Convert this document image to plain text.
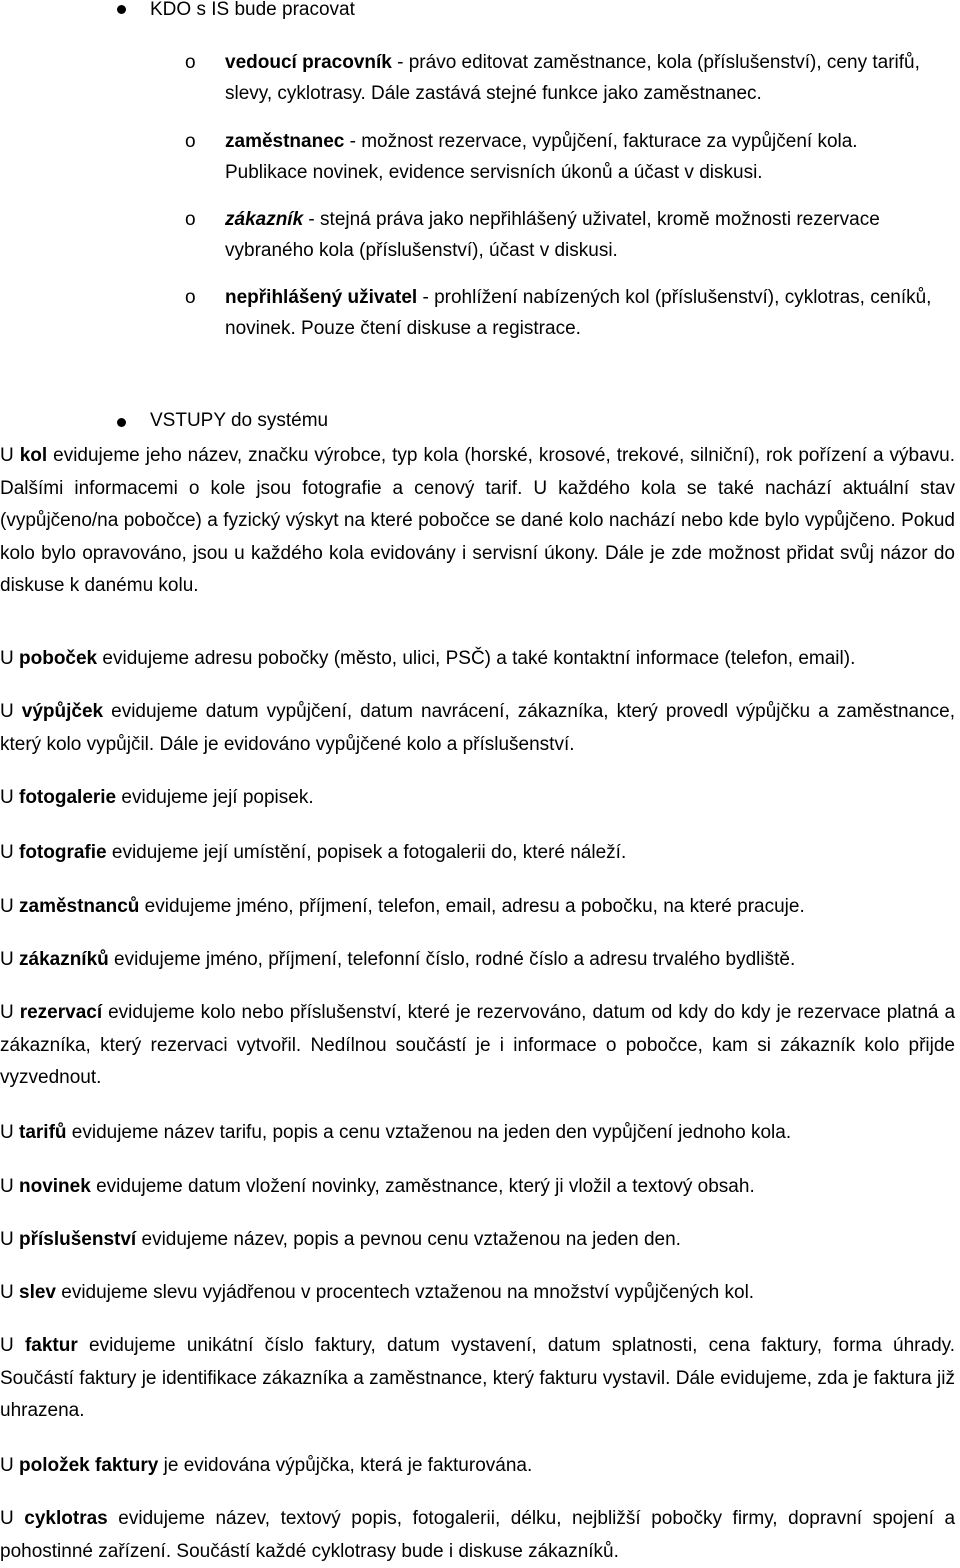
KDO s IS bude pracovat
o vedoucí pracovník - právo editovat zaměstnance, kola (příslušenství), ceny tarifů, slevy, cyklotrasy. Dále zastává stejné funkce jako zaměstnanec.
o zaměstnanec - možnost rezervace, vypůjčení, fakturace za vypůjčení kola. Publikace novinek, evidence servisních úkonů a účast v diskusi.
o zákazník - stejná práva jako nepřihlášený uživatel, kromě možnosti rezervace vybraného kola (příslušenství), účast v diskusi.
o nepřihlášený uživatel - prohlížení nabízených kol (příslušenství), cyklotras, ceníků, novinek. Pouze čtení diskuse a registrace.
VSTUPY do systému

U kol evidujeme jeho název, značku výrobce, typ kola (horské, krosové, trekové, silniční), rok pořízení a výbavu. Dalšími informacemi o kole jsou fotografie a cenový tarif. U každého kola se také nachází aktuální stav (vypůjčeno/na pobočce) a fyzický výskyt na které pobočce se dané kolo nachází nebo kde bylo vypůjčeno. Pokud kolo bylo opravováno, jsou u každého kola evidovány i servisní úkony. Dále je zde možnost přidat svůj názor do diskuse k danému kolu.

U poboček evidujeme adresu pobočky (město, ulici, PSČ) a také kontaktní informace (telefon, email).

U výpůjček evidujeme datum vypůjčení, datum navrácení, zákazníka, který provedl výpůjčku a zaměstnance, který kolo vypůjčil. Dále je evidováno vypůjčené kolo a příslušenství.

U fotogalerie evidujeme její popisek.

U fotografie evidujeme její umístění, popisek a fotogalerii do, které náleží.

U zaměstnanců evidujeme jméno, příjmení, telefon, email, adresu a pobočku, na které pracuje.

U zákazníků evidujeme jméno, příjmení, telefonní číslo, rodné číslo a adresu trvalého bydliště.

U rezervací evidujeme kolo nebo příslušenství, které je rezervováno, datum od kdy do kdy je rezervace platná a zákazníka, který rezervaci vytvořil. Nedílnou součástí je i informace o pobočce, kam si zákazník kolo přijde vyzvednout.

U tarifů evidujeme název tarifu, popis a cenu vztaženou na jeden den vypůjčení jednoho kola.

U novinek evidujeme datum vložení novinky, zaměstnance, který ji vložil a textový obsah.

U příslušenství evidujeme název, popis a pevnou cenu vztaženou na jeden den.

U slev evidujeme slevu vyjádřenou v procentech vztaženou na množství vypůjčených kol.

U faktur evidujeme unikátní číslo faktury, datum vystavení, datum splatnosti, cena faktury, forma úhrady. Součástí faktury je identifikace zákazníka a zaměstnance, který fakturu vystavil. Dále evidujeme, zda je faktura již uhrazena.

U položek faktury je evidována výpůjčka, která je fakturována.

U cyklotras evidujeme název, textový popis, fotogalerii, délku, nejbližší pobočky firmy, dopravní spojení a pohostinné zařízení. Součástí každé cyklotrasy bude i diskuse zákazníků.
